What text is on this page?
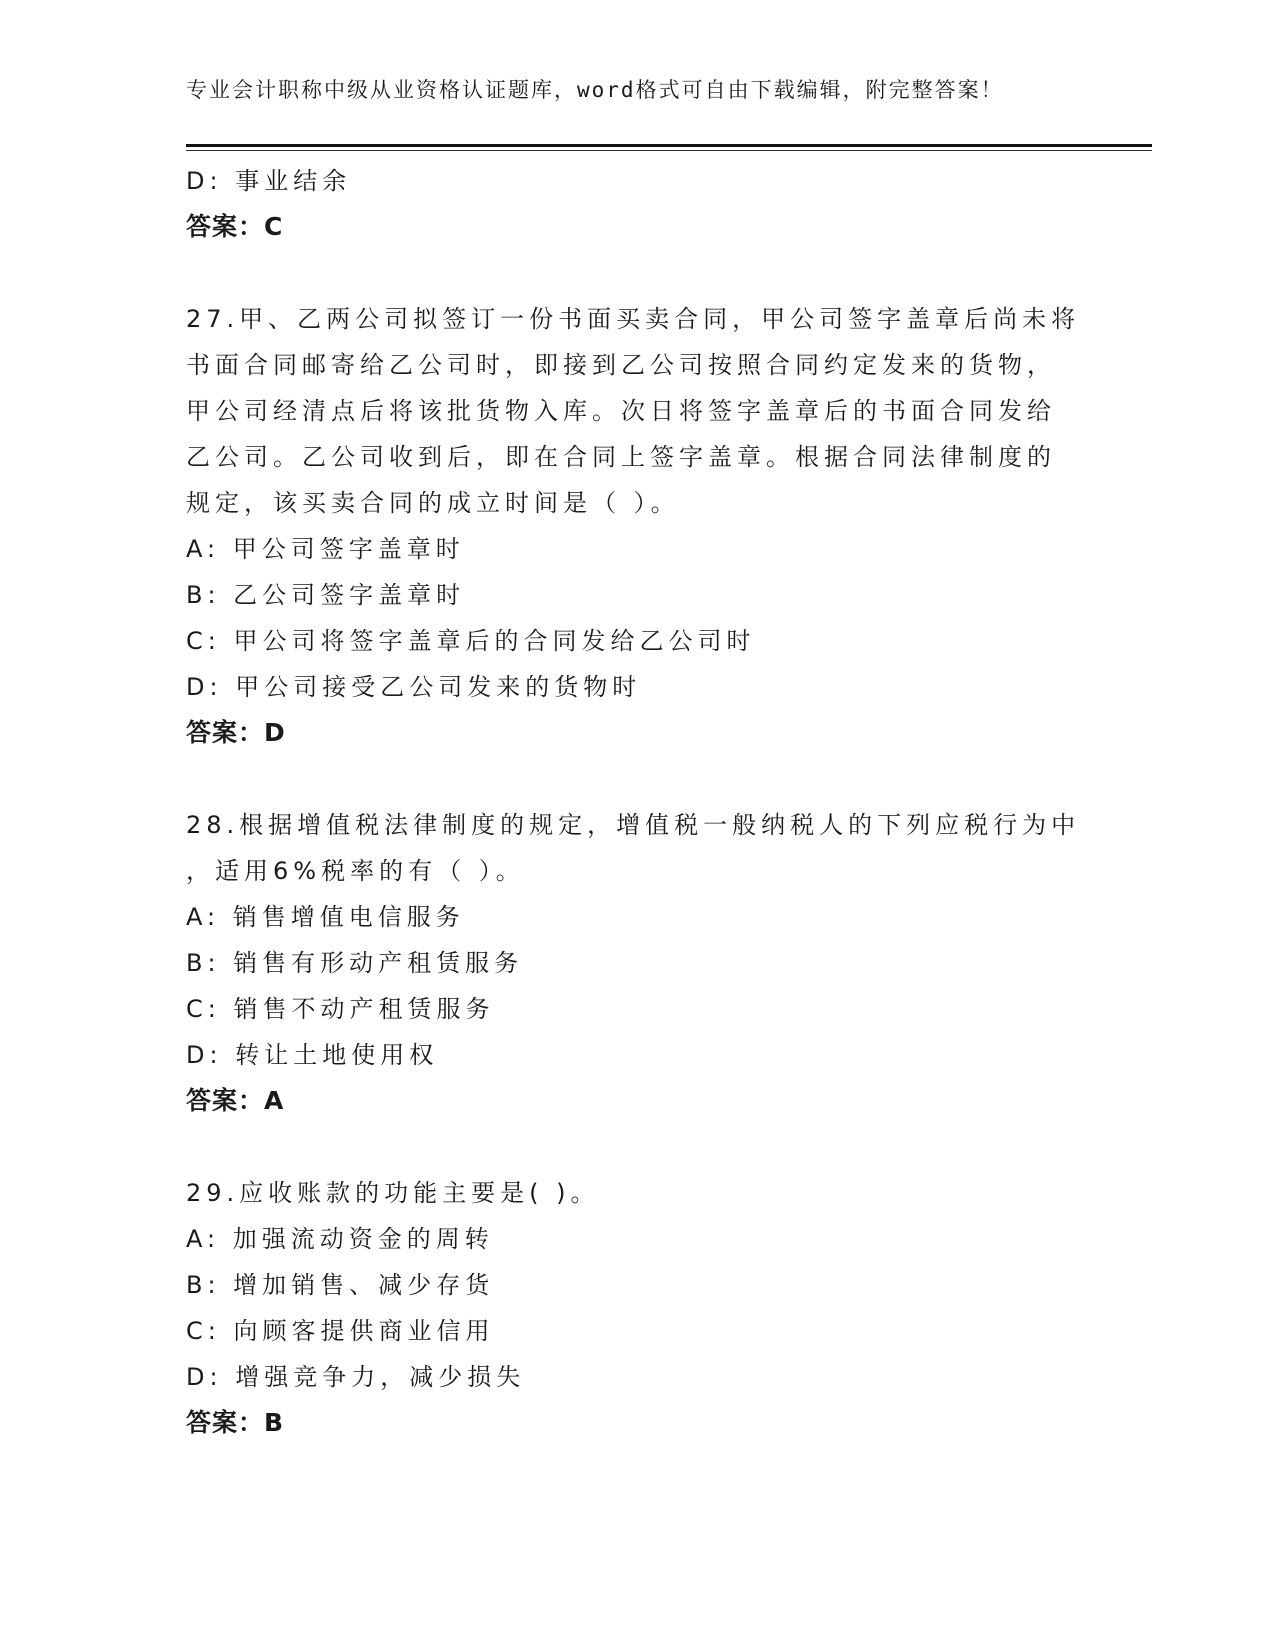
专业会计职称中级从业资格认证题库，word格式可自由下载编辑，附完整答案！
D: 事业结余
答案：C
27.甲、乙两公司拟签订一份书面买卖合同，甲公司签字盖章后尚未将
书面合同邮寄给乙公司时，即接到乙公司按照合同约定发来的货物，
甲公司经清点后将该批货物入库。次日将签字盖章后的书面合同发给
乙公司。乙公司收到后，即在合同上签字盖章。根据合同法律制度的
规定，该买卖合同的成立时间是（ ）。
A: 甲公司签字盖章时
B: 乙公司签字盖章时
C: 甲公司将签字盖章后的合同发给乙公司时
D: 甲公司接受乙公司发来的货物时
答案：D
28.根据增值税法律制度的规定，增值税一般纳税人的下列应税行为中
，适用6%税率的有（ ）。
A: 销售增值电信服务
B: 销售有形动产租赁服务
C: 销售不动产租赁服务
D: 转让土地使用权
答案：A
29.应收账款的功能主要是( )。
A: 加强流动资金的周转
B: 增加销售、减少存货
C: 向顾客提供商业信用
D: 增强竞争力，减少损失
答案：B
